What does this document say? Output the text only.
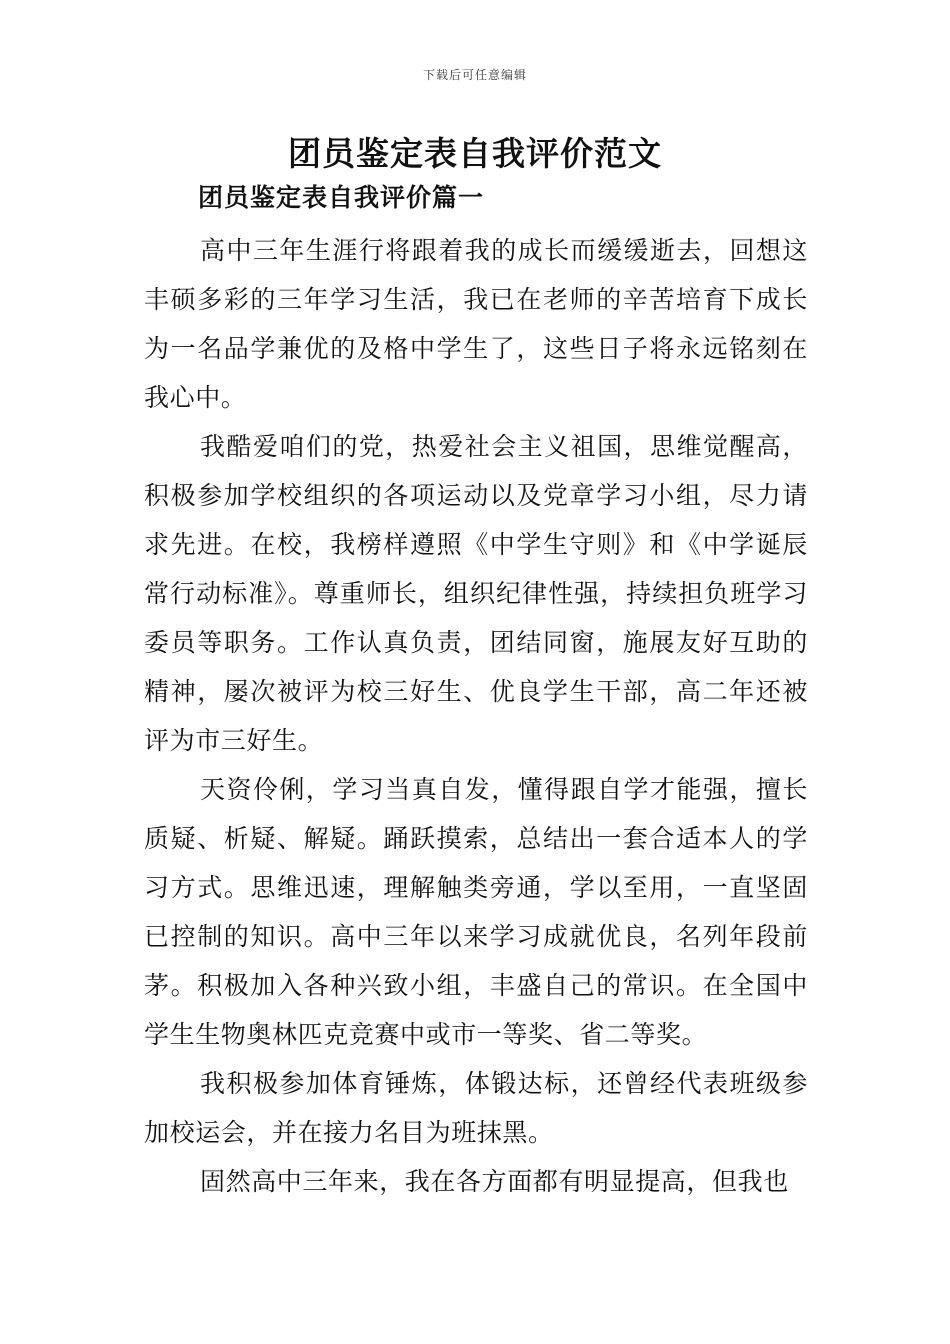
下载后可任意编辑
团员鉴定表自我评价范文
团员鉴定表自我评价篇一

高中三年生涯行将跟着我的成长而缓缓逝去，回想这丰硕多彩的三年学习生活，我已在老师的辛苦培育下成长为一名品学兼优的及格中学生了，这些日子将永远铭刻在我心中。

我酷爱咱们的党，热爱社会主义祖国，思维觉醒高，积极参加学校组织的各项运动以及党章学习小组，尽力请求先进。在校，我榜样遵照《中学生守则》和《中学诞辰常行动标准》。尊重师长，组织纪律性强，持续担负班学习委员等职务。工作认真负责，团结同窗，施展友好互助的精神，屡次被评为校三好生、优良学生干部，高二年还被评为市三好生。

天资伶俐，学习当真自发，懂得跟自学才能强，擅长质疑、析疑、解疑。踊跃摸索，总结出一套合适本人的学习方式。思维迅速，理解触类旁通，学以至用，一直坚固已控制的知识。高中三年以来学习成就优良，名列年段前茅。积极加入各种兴致小组，丰盛自己的常识。在全国中学生生物奥林匹克竞赛中或市一等奖、省二等奖。

我积极参加体育锤炼，体锻达标，还曾经代表班级参加校运会，并在接力名目为班抹黑。

固然高中三年来，我在各方面都有明显提高，但我也
